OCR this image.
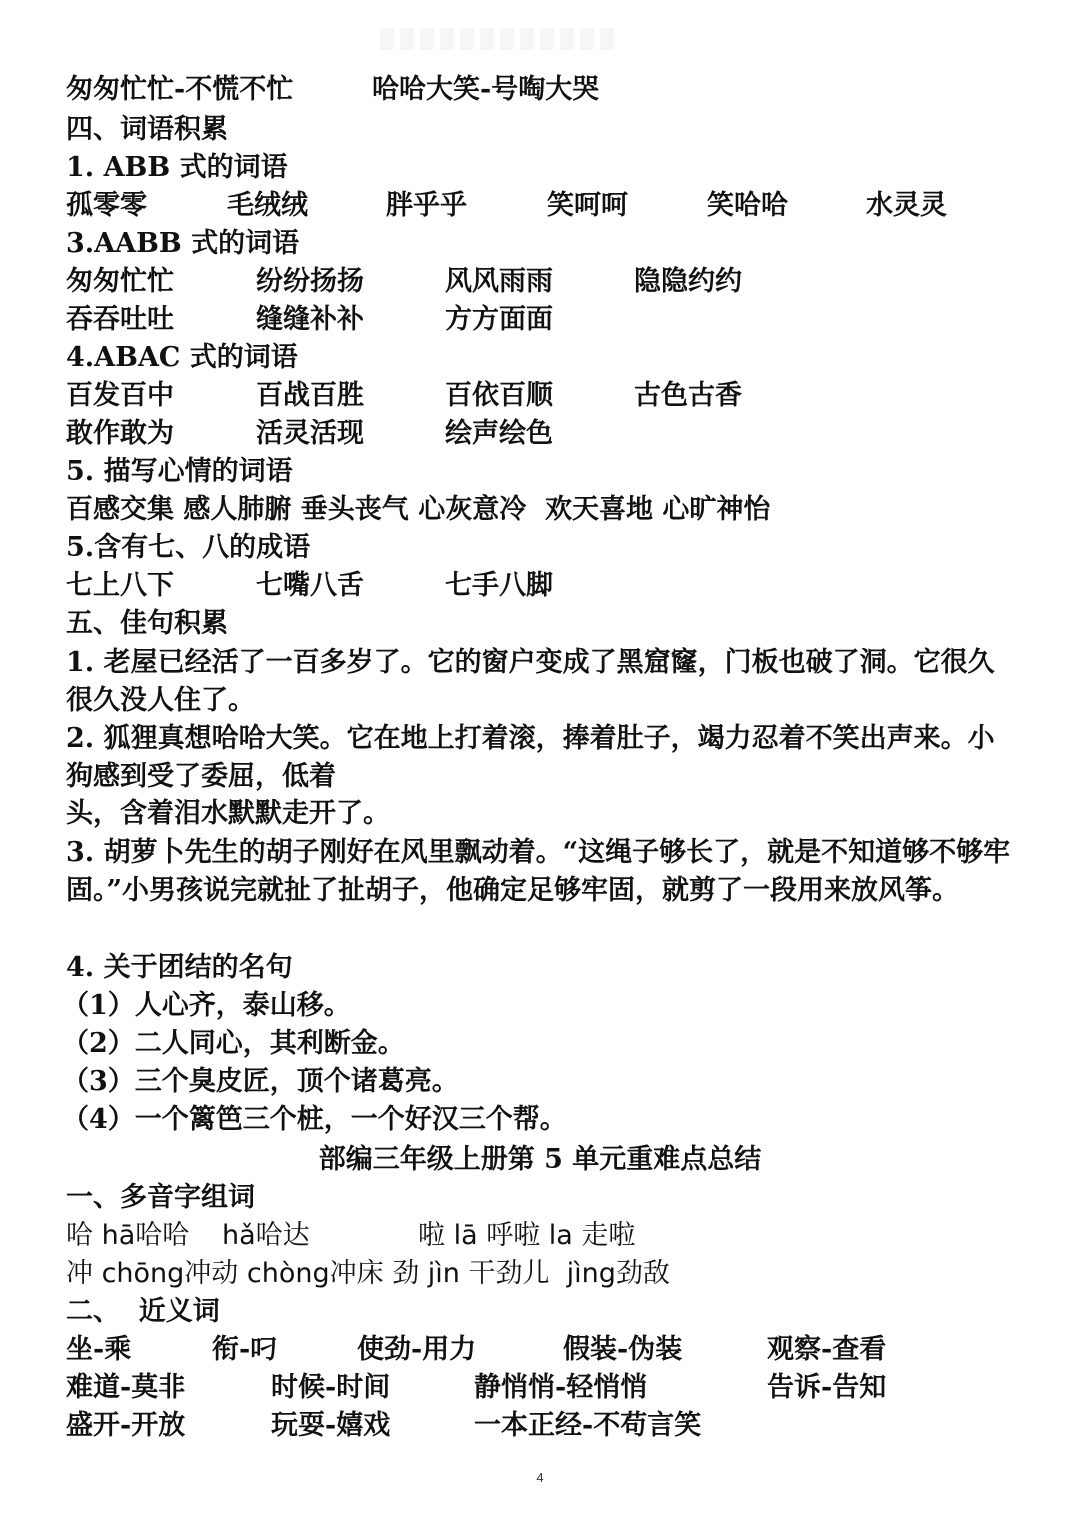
匆匆忙忙-不慌不忙	哈哈大笑-号啕大哭
四、词语积累
1. ABB 式的词语
孤零零	毛绒绒	胖乎乎	笑呵呵	笑哈哈	水灵灵
3.AABB 式的词语
匆匆忙忙	纷纷扬扬	风风雨雨	隐隐约约
吞吞吐吐	缝缝补补	方方面面
4.ABAC 式的词语
百发百中	百战百胜	百依百顺	古色古香
敢作敢为	活灵活现	绘声绘色
5. 描写心情的词语
百感交集 感人肺腑 垂头丧气 心灰意冷  欢天喜地 心旷神怡
5.含有七、八的成语
七上八下	七嘴八舌	七手八脚
五、佳句积累
1. 老屋已经活了一百多岁了。它的窗户变成了黑窟窿，门板也破了洞。它很久很久没人住了。
2. 狐狸真想哈哈大笑。它在地上打着滚，捧着肚子，竭力忍着不笑出声来。小狗感到受了委屈，低着
头，含着泪水默默走开了。
3. 胡萝卜先生的胡子刚好在风里飘动着。“这绳子够长了，就是不知道够不够牢固。”小男孩说完就扯了扯胡子，他确定足够牢固，就剪了一段用来放风筝。
4. 关于团结的名句
（1）人心齐，泰山移。
（2）二人同心，其利断金。
（3）三个臭皮匠，顶个诸葛亮。
（4）一个篱笆三个桩，一个好汉三个帮。
部编三年级上册第 5 单元重难点总结
一、多音字组词
哈 hā哈哈 hǎ哈达	啦 lā 呼啦 la 走啦
冲 chōng冲动 chòng冲床 劲 jìn 干劲儿  jìng劲敌
二、  近义词
坐-乘	衔-叼	使劲-用力	假装-伪装	观察-查看
难道-莫非	时候-时间	静悄悄-轻悄悄	告诉-告知
盛开-开放	玩耍-嬉戏	一本正经-不苟言笑
4
